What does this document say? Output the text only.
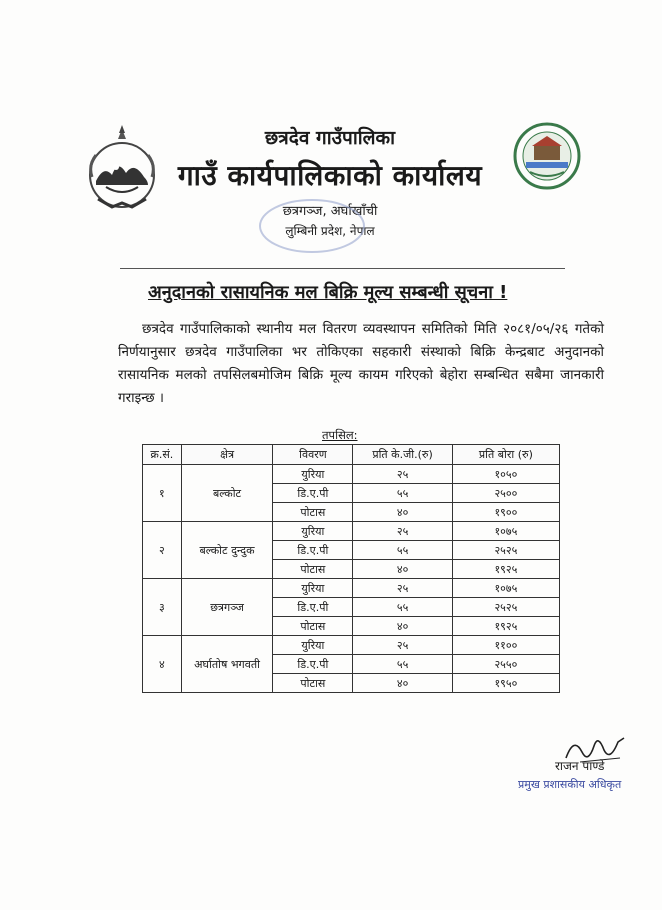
छत्रदेव गाउँपालिका
गाउँ कार्यपालिकाको कार्यालय
छत्रगञ्ज, अर्घाखाँची
लुम्बिनी प्रदेश, नेपाल
अनुदानको रासायनिक मल बिक्रि मूल्य सम्बन्धी सूचना !
छत्रदेव गाउँपालिकाको स्थानीय मल वितरण व्यवस्थापन समितिको मिति २०८१/०५/२६ गतेको निर्णयानुसार छत्रदेव गाउँपालिका भर तोकिएका सहकारी संस्थाको बिक्रि केन्द्रबाट अनुदानको रासायनिक मलको तपसिलबमोजिम बिक्रि मूल्य कायम गरिएको बेहोरा सम्बन्धित सबैमा जानकारी गराइन्छ ।
तपसिल:
क्र.सं.	क्षेत्र	विवरण	प्रति के.जी.(रु)	प्रति बोरा (रु)
१	बल्कोट	युरिया	२५	१०५०
		डि.ए.पी	५५	२५००
		पोटास	४०	१९००
२	बल्कोट दुन्दुक	युरिया	२५	१०७५
		डि.ए.पी	५५	२५२५
		पोटास	४०	१९२५
३	छत्रगञ्ज	युरिया	२५	१०७५
		डि.ए.पी	५५	२५२५
		पोटास	४०	१९२५
४	अर्घातोष भगवती	युरिया	२५	११००
		डि.ए.पी	५५	२५५०
		पोटास	४०	१९५०
राजन पाण्डे
प्रमुख प्रशासकीय अधिकृत
